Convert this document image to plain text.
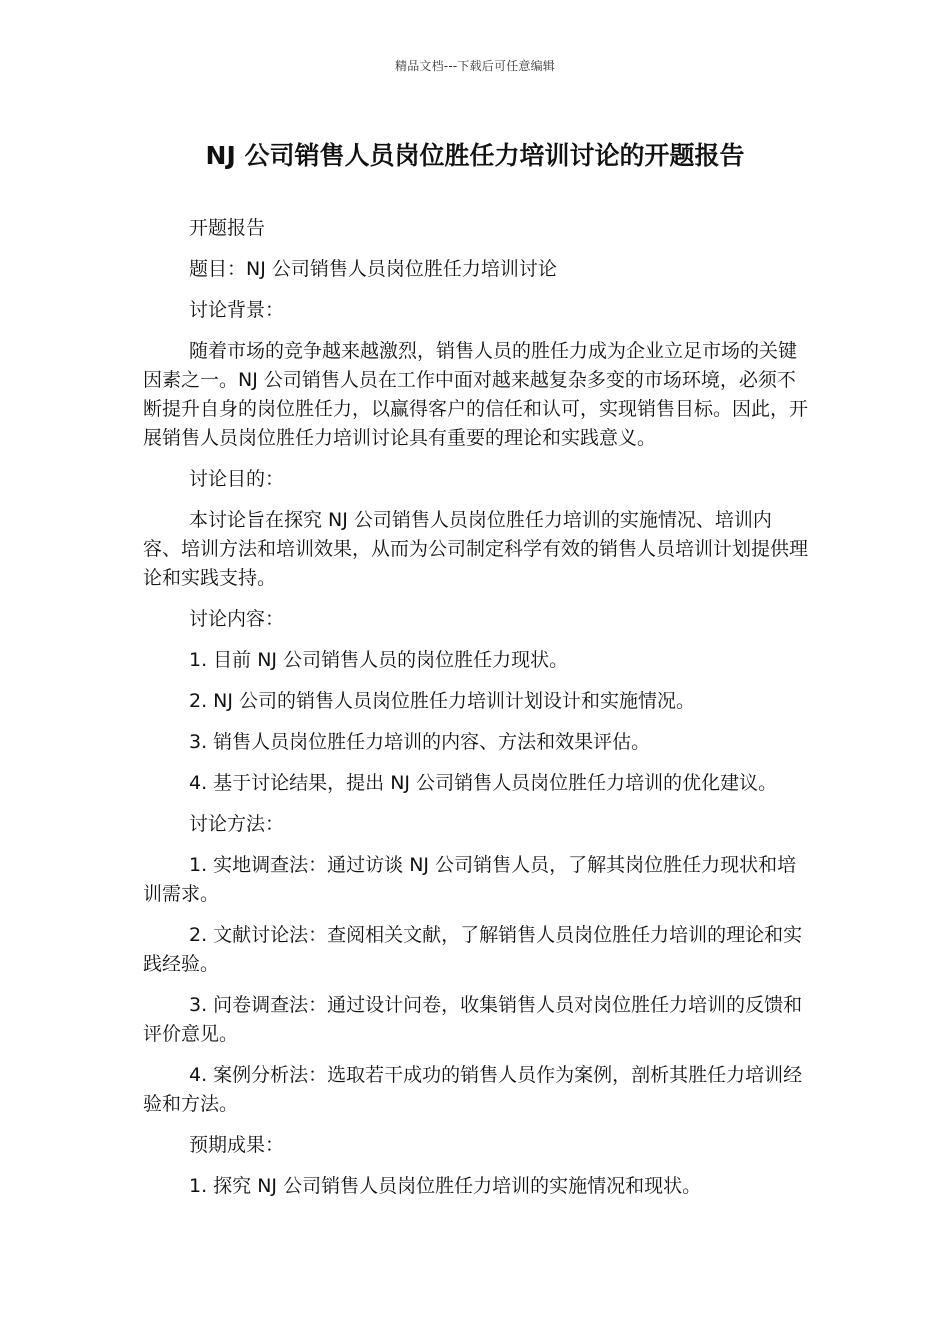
精品文档---下载后可任意编辑
NJ 公司销售人员岗位胜任力培训讨论的开题报告

开题报告

题目：NJ 公司销售人员岗位胜任力培训讨论

讨论背景：

随着市场的竞争越来越激烈，销售人员的胜任力成为企业立足市场的关键因素之一。NJ 公司销售人员在工作中面对越来越复杂多变的市场环境，必须不断提升自身的岗位胜任力，以赢得客户的信任和认可，实现销售目标。因此，开展销售人员岗位胜任力培训讨论具有重要的理论和实践意义。

讨论目的：

本讨论旨在探究 NJ 公司销售人员岗位胜任力培训的实施情况、培训内容、培训方法和培训效果，从而为公司制定科学有效的销售人员培训计划提供理论和实践支持。

讨论内容：

1. 目前 NJ 公司销售人员的岗位胜任力现状。

2. NJ 公司的销售人员岗位胜任力培训计划设计和实施情况。

3. 销售人员岗位胜任力培训的内容、方法和效果评估。

4. 基于讨论结果，提出 NJ 公司销售人员岗位胜任力培训的优化建议。

讨论方法：

1. 实地调查法：通过访谈 NJ 公司销售人员，了解其岗位胜任力现状和培训需求。

2. 文献讨论法：查阅相关文献，了解销售人员岗位胜任力培训的理论和实践经验。

3. 问卷调查法：通过设计问卷，收集销售人员对岗位胜任力培训的反馈和评价意见。

4. 案例分析法：选取若干成功的销售人员作为案例，剖析其胜任力培训经验和方法。

预期成果：

1. 探究 NJ 公司销售人员岗位胜任力培训的实施情况和现状。
